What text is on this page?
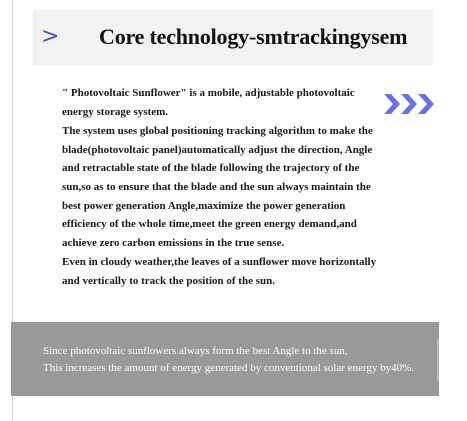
> Core technology-smtrackingysem

" Photovoltaic Sunflower" is a mobile, adjustable photovoltaic energy storage system.

The system uses global positioning tracking algorithm to make the blade(photovoltaic panel)automatically adjust the direction, Angle and retractable state of the blade following the trajectory of the sun,so as to ensure that the blade and the sun always maintain the best power generation Angle,maximize the power generation efficiency of the whole time,meet the green energy demand,and achieve zero carbon emissions in the true sense.

Even in cloudy weather,the leaves of a sunflower move horizontally and vertically to track the position of the sun.

Since photovoltaic sunflowers always form the best Angle to the sun,
This increases the amount of energy generated by conventional solar energy by40%.
